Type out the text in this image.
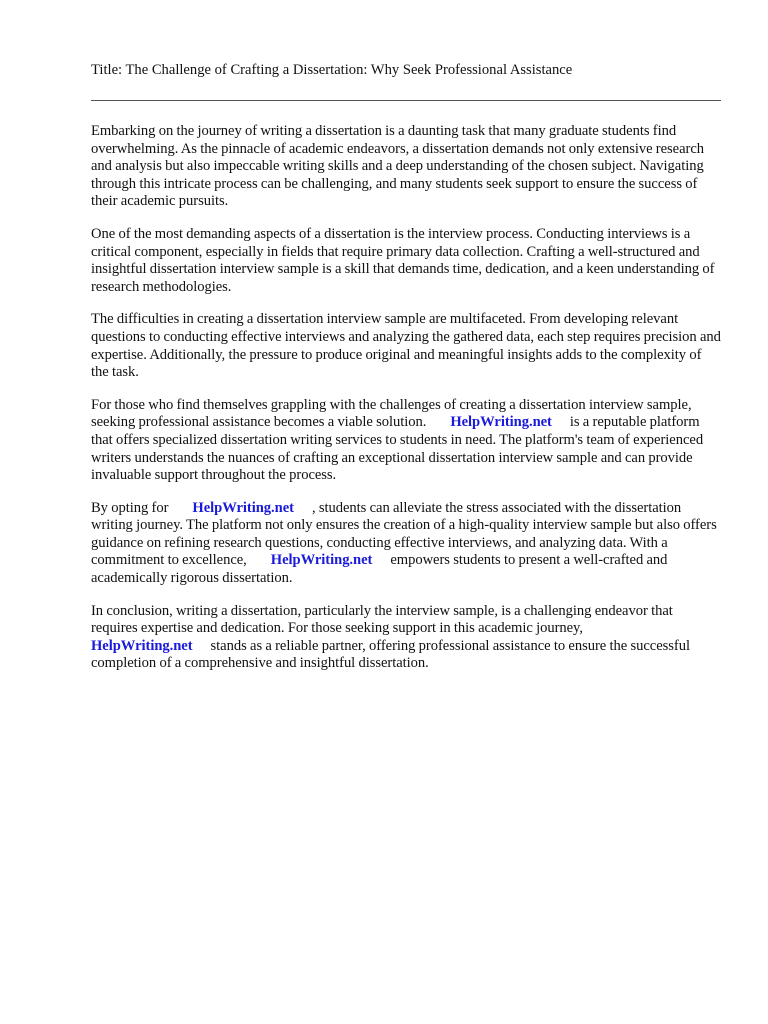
Title: The Challenge of Crafting a Dissertation: Why Seek Professional Assistance

Embarking on the journey of writing a dissertation is a daunting task that many graduate students find overwhelming. As the pinnacle of academic endeavors, a dissertation demands not only extensive research and analysis but also impeccable writing skills and a deep understanding of the chosen subject. Navigating through this intricate process can be challenging, and many students seek support to ensure the success of their academic pursuits.

One of the most demanding aspects of a dissertation is the interview process. Conducting interviews is a critical component, especially in fields that require primary data collection. Crafting a well-structured and insightful dissertation interview sample is a skill that demands time, dedication, and a keen understanding of research methodologies.

The difficulties in creating a dissertation interview sample are multifaceted. From developing relevant questions to conducting effective interviews and analyzing the gathered data, each step requires precision and expertise. Additionally, the pressure to produce original and meaningful insights adds to the complexity of the task.

For those who find themselves grappling with the challenges of creating a dissertation interview sample, seeking professional assistance becomes a viable solution. HelpWriting.net is a reputable platform that offers specialized dissertation writing services to students in need. The platform's team of experienced writers understands the nuances of crafting an exceptional dissertation interview sample and can provide invaluable support throughout the process.

By opting for HelpWriting.net , students can alleviate the stress associated with the dissertation writing journey. The platform not only ensures the creation of a high-quality interview sample but also offers guidance on refining research questions, conducting effective interviews, and analyzing data. With a commitment to excellence, HelpWriting.net empowers students to present a well-crafted and academically rigorous dissertation.

In conclusion, writing a dissertation, particularly the interview sample, is a challenging endeavor that requires expertise and dedication. For those seeking support in this academic journey, HelpWriting.net stands as a reliable partner, offering professional assistance to ensure the successful completion of a comprehensive and insightful dissertation.
